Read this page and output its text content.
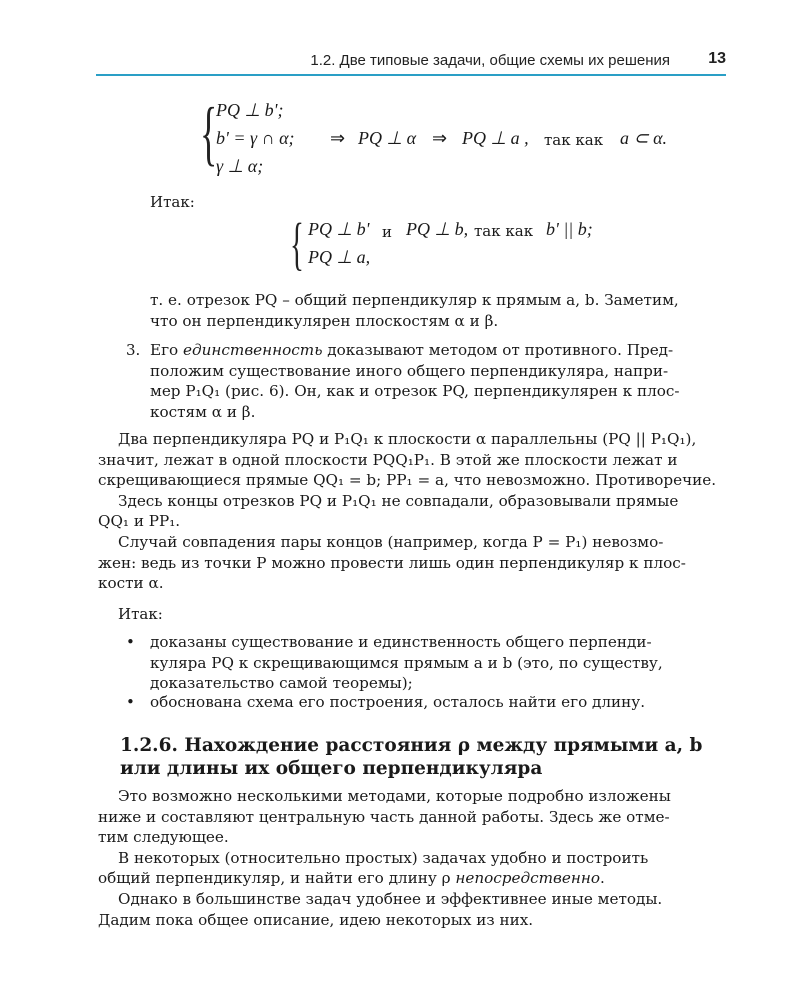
1.2. Две типовые задачи, общие схемы их решения 13
{
PQ ⊥ b';
b' = γ ∩ α;
γ ⊥ α;
⇒ PQ ⊥ α ⇒ PQ ⊥ a , так как a ⊂ α.
Итак:
{ PQ ⊥ b' и PQ ⊥ b, так как b' || b;
PQ ⊥ a,
т. е. отрезок PQ – общий перпендикуляр к прямым a, b. Заметим,
что он перпендикулярен плоскостям α и β.
3. Его единственность доказывают методом от противного. Пред-
положим существование иного общего перпендикуляра, напри-
мер P₁Q₁ (рис. 6). Он, как и отрезок PQ, перпендикулярен к плос-
костям α и β.
Два перпендикуляра PQ и P₁Q₁ к плоскости α параллельны (PQ || P₁Q₁),
значит, лежат в одной плоскости PQQ₁P₁. В этой же плоскости лежат и
скрещивающиеся прямые QQ₁ = b; PP₁ = a, что невозможно. Противоречие.
Здесь концы отрезков PQ и P₁Q₁ не совпадали, образовывали прямые
QQ₁ и PP₁.
Случай совпадения пары концов (например, когда P = P₁) невозмо-
жен: ведь из точки P можно провести лишь один перпендикуляр к плос-
кости α.
Итак:
• доказаны существование и единственность общего перпенди-
куляра PQ к скрещивающимся прямым a и b (это, по существу,
доказательство самой теоремы);
• обоснована схема его построения, осталось найти его длину.
1.2.6. Нахождение расстояния ρ между прямыми a, b
или длины их общего перпендикуляра
Это возможно несколькими методами, которые подробно изложены
ниже и составляют центральную часть данной работы. Здесь же отме-
тим следующее.
В некоторых (относительно простых) задачах удобно и построить
общий перпендикуляр, и найти его длину ρ непосредственно.
Однако в большинстве задач удобнее и эффективнее иные методы.
Дадим пока общее описание, идею некоторых из них.
